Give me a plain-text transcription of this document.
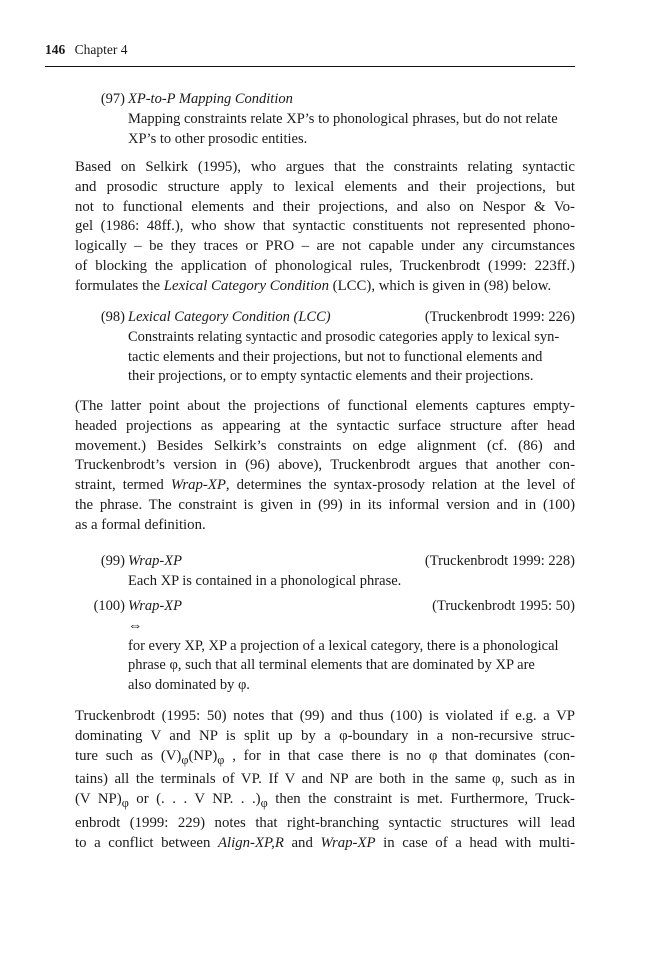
146 Chapter 4
(97) XP-to-P Mapping Condition
Mapping constraints relate XP’s to phonological phrases, but do not relate
XP’s to other prosodic entities.
Based on Selkirk (1995), who argues that the constraints relating syntactic
and prosodic structure apply to lexical elements and their projections, but
not to functional elements and their projections, and also on Nespor & Vo-
gel (1986: 48ff.), who show that syntactic constituents not represented phono-
logically – be they traces or PRO – are not capable under any circumstances
of blocking the application of phonological rules, Truckenbrodt (1999: 223ff.)
formulates the Lexical Category Condition (LCC), which is given in (98) below.
(98) Lexical Category Condition (LCC)	(Truckenbrodt 1999: 226)
Constraints relating syntactic and prosodic categories apply to lexical syn-
tactic elements and their projections, but not to functional elements and
their projections, or to empty syntactic elements and their projections.
(The latter point about the projections of functional elements captures empty-
headed projections as appearing at the syntactic surface structure after head
movement.) Besides Selkirk’s constraints on edge alignment (cf. (86) and
Truckenbrodt’s version in (96) above), Truckenbrodt argues that another con-
straint, termed Wrap-XP, determines the syntax-prosody relation at the level of
the phrase. The constraint is given in (99) in its informal version and in (100)
as a formal definition.
(99) Wrap-XP	(Truckenbrodt 1999: 228)
Each XP is contained in a phonological phrase.
(100) Wrap-XP	(Truckenbrodt 1995: 50)
⇔
for every XP, XP a projection of a lexical category, there is a phonological
phrase φ, such that all terminal elements that are dominated by XP are
also dominated by φ.
Truckenbrodt (1995: 50) notes that (99) and thus (100) is violated if e.g. a VP
dominating V and NP is split up by a φ-boundary in a non-recursive struc-
ture such as $(V)_\varphi(NP)_\varphi$ , for in that case there is no φ that dominates (con-
tains) all the terminals of VP. If V and NP are both in the same φ, such as in
(V $NP)_\varphi$ or (. . . V NP. . $.)_\varphi$ then the constraint is met. Furthermore, Truck-
enbrodt (1999: 229) notes that right-branching syntactic structures will lead
to a conflict between Align-XP,R and Wrap-XP in case of a head with multi-
